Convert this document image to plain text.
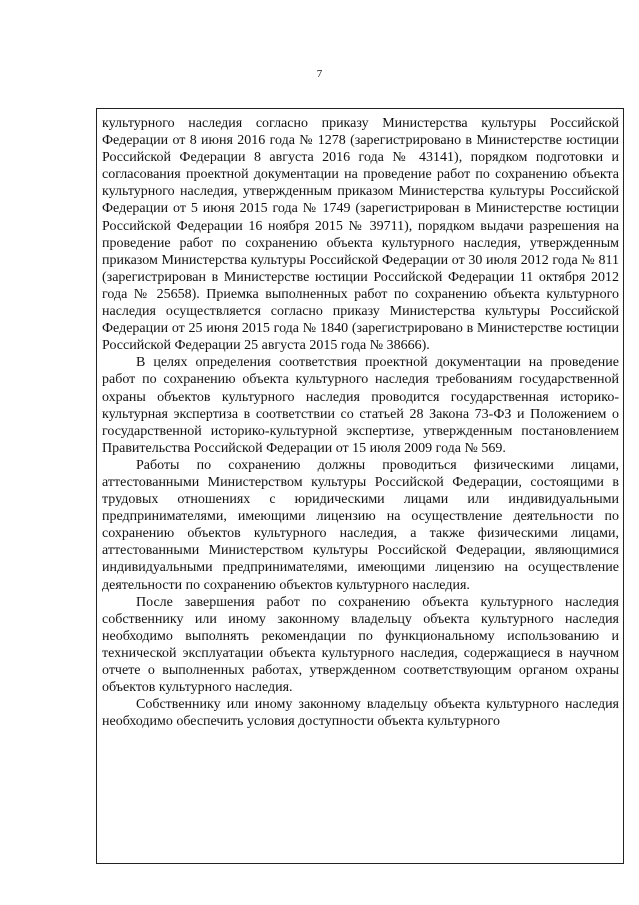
7

культурного наследия согласно приказу Министерства культуры Российской Федерации от 8 июня 2016 года № 1278 (зарегистрировано в Министерстве юстиции Российской Федерации 8 августа 2016 года № 43141), порядком подготовки и согласования проектной документации на проведение работ по сохранению объекта культурного наследия, утвержденным приказом Министерства культуры Российской Федерации от 5 июня 2015 года № 1749 (зарегистрирован в Министерстве юстиции Российской Федерации 16 ноября 2015 № 39711), порядком выдачи разрешения на проведение работ по сохранению объекта культурного наследия, утвержденным приказом Министерства культуры Российской Федерации от 30 июля 2012 года № 811 (зарегистрирован в Министерстве юстиции Российской Федерации 11 октября 2012 года № 25658). Приемка выполненных работ по сохранению объекта культурного наследия осуществляется согласно приказу Министерства культуры Российской Федерации от 25 июня 2015 года № 1840 (зарегистрировано в Министерстве юстиции Российской Федерации 25 августа 2015 года № 38666).

В целях определения соответствия проектной документации на проведение работ по сохранению объекта культурного наследия требованиям государственной охраны объектов культурного наследия проводится государственная историко-культурная экспертиза в соответствии со статьей 28 Закона 73-ФЗ и Положением о государственной историко-культурной экспертизе, утвержденным постановлением Правительства Российской Федерации от 15 июля 2009 года № 569.

Работы по сохранению должны проводиться физическими лицами, аттестованными Министерством культуры Российской Федерации, состоящими в трудовых отношениях с юридическими лицами или индивидуальными предпринимателями, имеющими лицензию на осуществление деятельности по сохранению объектов культурного наследия, а также физическими лицами, аттестованными Министерством культуры Российской Федерации, являющимися индивидуальными предпринимателями, имеющими лицензию на осуществление деятельности по сохранению объектов культурного наследия.

После завершения работ по сохранению объекта культурного наследия собственнику или иному законному владельцу объекта культурного наследия необходимо выполнять рекомендации по функциональному использованию и технической эксплуатации объекта культурного наследия, содержащиеся в научном отчете о выполненных работах, утвержденном соответствующим органом охраны объектов культурного наследия.

Собственнику или иному законному владельцу объекта культурного наследия необходимо обеспечить условия доступности объекта культурного
